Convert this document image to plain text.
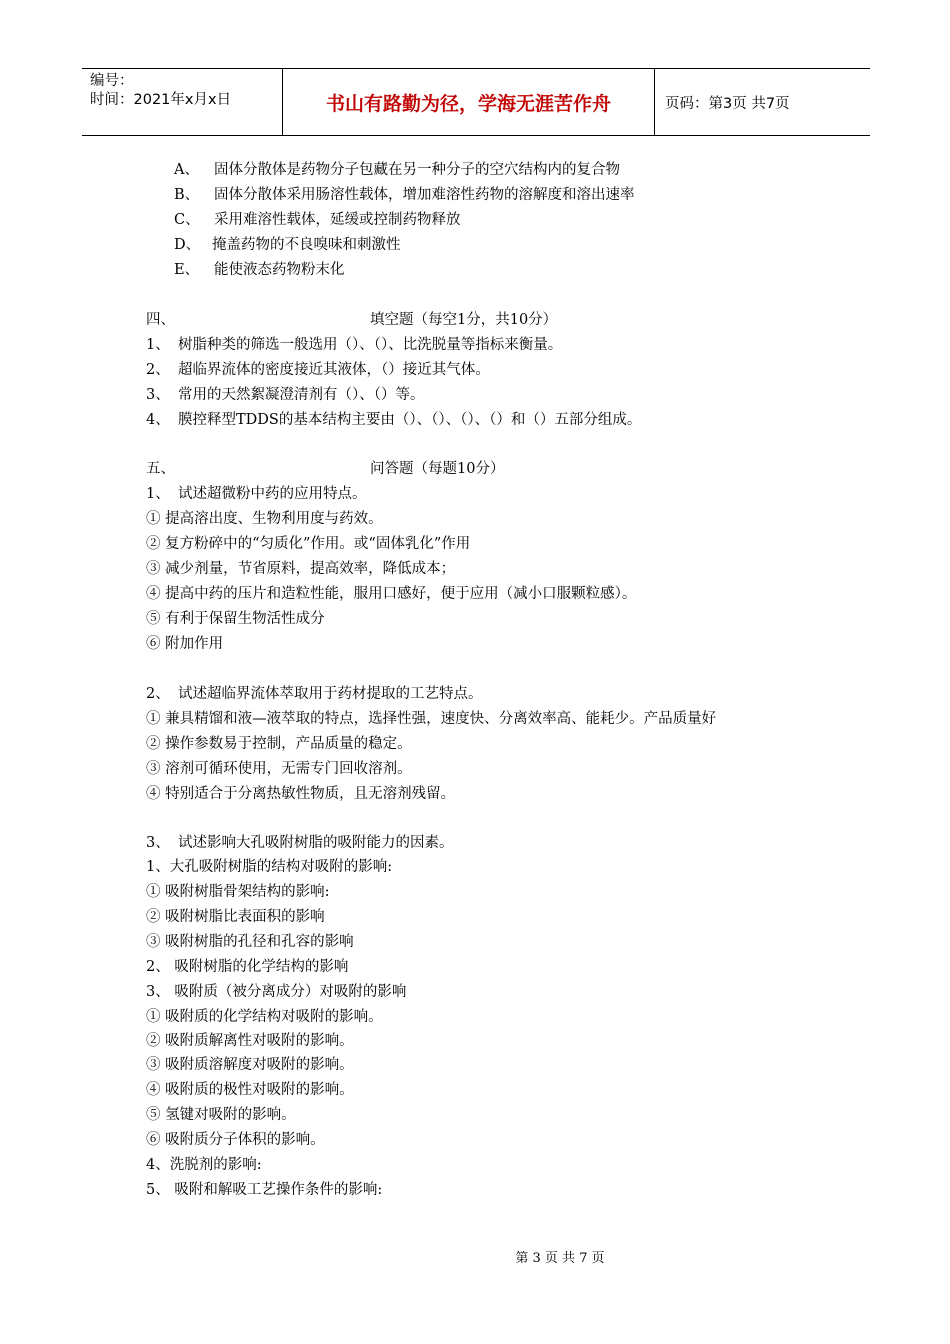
编号：
时间：2021年x月x日	书山有路勤为径，学海无涯苦作舟	页码：第3页 共7页
A、 固体分散体是药物分子包藏在另一种分子的空穴结构内的复合物
B、 固体分散体采用肠溶性载体，增加难溶性药物的溶解度和溶出速率
C、 采用难溶性载体，延缓或控制药物释放
D、 掩盖药物的不良嗅味和刺激性
E、 能使液态药物粉末化
四、	填空题（每空1分，共10分）
1、 树脂种类的筛选一般选用（）、（）、比洗脱量等指标来衡量。
2、 超临界流体的密度接近其液体，（）接近其气体。
3、 常用的天然絮凝澄清剂有（）、（）等。
4、 膜控释型TDDS的基本结构主要由（）、（）、（）、（）和（）五部分组成。
五、	问答题（每题10分）
1、 试述超微粉中药的应用特点。
① 提高溶出度、生物利用度与药效。
② 复方粉碎中的“匀质化”作用。或“固体乳化”作用
③ 减少剂量，节省原料，提高效率，降低成本；
④ 提高中药的压片和造粒性能，服用口感好，便于应用（减小口服颗粒感）。
⑤ 有利于保留生物活性成分
⑥ 附加作用
2、 试述超临界流体萃取用于药材提取的工艺特点。
① 兼具精馏和液—液萃取的特点，选择性强，速度快、分离效率高、能耗少。产品质量好
② 操作参数易于控制，产品质量的稳定。
③ 溶剂可循环使用，无需专门回收溶剂。
④ 特别适合于分离热敏性物质，且无溶剂残留。
3、 试述影响大孔吸附树脂的吸附能力的因素。
1、大孔吸附树脂的结构对吸附的影响:
① 吸附树脂骨架结构的影响:
② 吸附树脂比表面积的影响
③ 吸附树脂的孔径和孔容的影响
2、 吸附树脂的化学结构的影响
3、 吸附质（被分离成分）对吸附的影响
① 吸附质的化学结构对吸附的影响。
② 吸附质解离性对吸附的影响。
③ 吸附质溶解度对吸附的影响。
④ 吸附质的极性对吸附的影响。
⑤ 氢键对吸附的影响。
⑥ 吸附质分子体积的影响。
4、洗脱剂的影响:
5、 吸附和解吸工艺操作条件的影响:
第 3 页 共 7 页
